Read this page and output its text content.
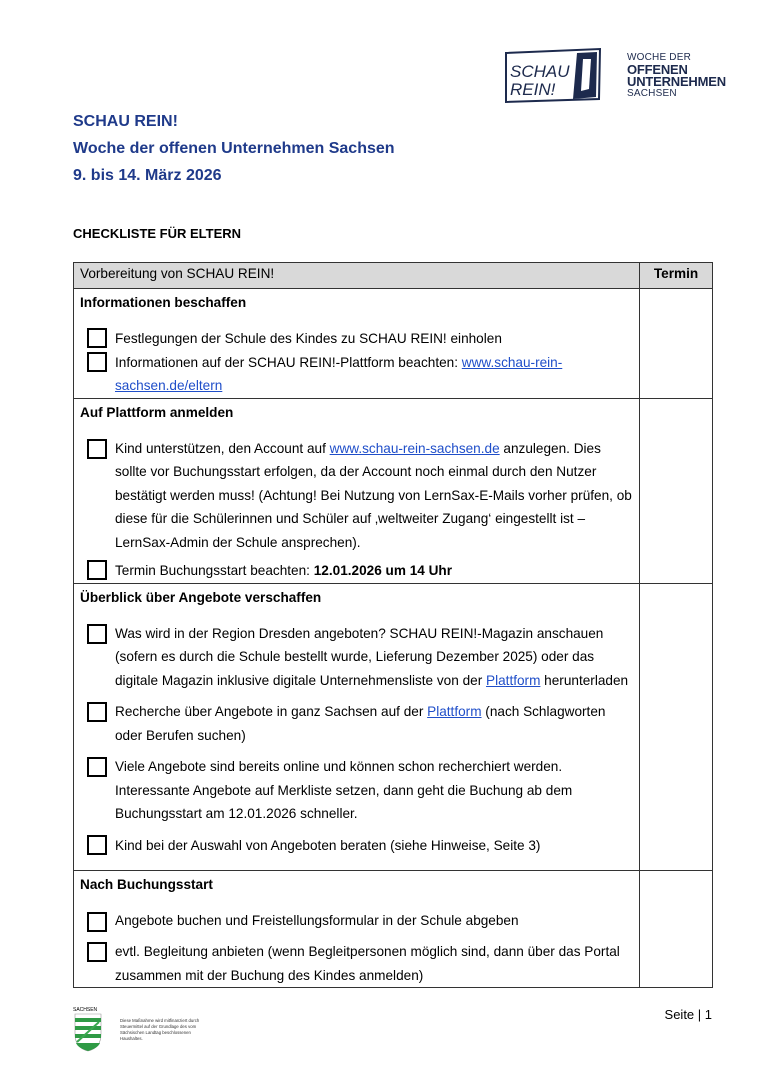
SCHAU
REIN!
WOCHE DER
OFFENEN
UNTERNEHMEN
SACHSEN
SCHAU REIN!
Woche der offenen Unternehmen Sachsen
9. bis 14. März 2026
CHECKLISTE FÜR ELTERN
Vorbereitung von SCHAU REIN!	Termin

Informationen beschaffen
Festlegungen der Schule des Kindes zu SCHAU REIN! einholen
Informationen auf der SCHAU REIN!-Plattform beachten: www.schau-rein-sachsen.de/eltern	

Auf Plattform anmelden
Kind unterstützen, den Account auf www.schau-rein-sachsen.de anzulegen. Dies sollte vor Buchungsstart erfolgen, da der Account noch einmal durch den Nutzer bestätigt werden muss! (Achtung! Bei Nutzung von LernSax-E-Mails vorher prüfen, ob diese für die Schülerinnen und Schüler auf ‚weltweiter Zugang‘ eingestellt ist – LernSax-Admin der Schule ansprechen).
Termin Buchungsstart beachten: 12.01.2026 um 14 Uhr	

Überblick über Angebote verschaffen
Was wird in der Region Dresden angeboten? SCHAU REIN!-Magazin anschauen (sofern es durch die Schule bestellt wurde, Lieferung Dezember 2025) oder das digitale Magazin inklusive digitale Unternehmensliste von der Plattform herunterladen
Recherche über Angebote in ganz Sachsen auf der Plattform (nach Schlagworten oder Berufen suchen)
Viele Angebote sind bereits online und können schon recherchiert werden. Interessante Angebote auf Merkliste setzen, dann geht die Buchung ab dem Buchungsstart am 12.01.2026 schneller.
Kind bei der Auswahl von Angeboten beraten (siehe Hinweise, Seite 3)	

Nach Buchungsstart
Angebote buchen und Freistellungsformular in der Schule abgeben
evtl. Begleitung anbieten (wenn Begleitpersonen möglich sind, dann über das Portal zusammen mit der Buchung des Kindes anmelden)	

SACHSEN
Diese Maßnahme wird mitfinanziert durch Steuermittel auf der Grundlage des vom Sächsischen Landtag beschlossenen Haushaltes.
Seite | 1
